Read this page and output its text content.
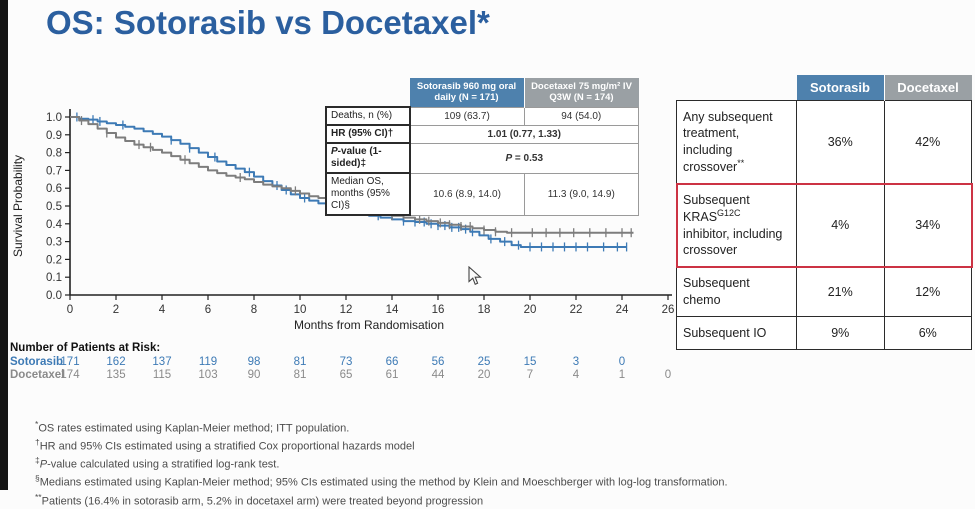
OS: Sotorasib vs Docetaxel*
0	2	4	6	8	10	12	14	16	18	20	22	24	26
0.0
0.1
0.2
0.3
0.4
0.5
0.6
0.7
0.8
0.9
1.0
Months from Randomisation
Survival Probability
	Sotorasib 960 mg oral daily (N = 171)	Docetaxel 75 mg/m² IV Q3W (N = 174)
Deaths, n (%)	109 (63.7)	94 (54.0)
HR (95% CI)†	1.01 (0.77, 1.33)	
P-value (1-sided)‡	P = 0.53	
Median OS, months (95% CI)§	10.6 (8.9, 14.0)	11.3 (9.0, 14.9)
	Sotorasib	Docetaxel
Any subsequent treatment, including crossover**	36%	42%
Subsequent $KRAS^{G12C}$ inhibitor, including crossover	4%	34%
Subsequent chemo	21%	12%
Subsequent IO	9%	6%
Number of Patients at Risk:
Sotorasib
171	162	137	119	98	81	73	66	56	25	15	3	0
Docetaxel
174	135	115	103	90	81	65	61	44	20	7	4	1	0
*OS rates estimated using Kaplan-Meier method; ITT population.
†HR and 95% CIs estimated using a stratified Cox proportional hazards model
‡P-value calculated using a stratified log-rank test.
§Medians estimated using Kaplan-Meier method; 95% CIs estimated using the method by Klein and Moeschberger with log-log transformation.
**Patients (16.4% in sotorasib arm, 5.2% in docetaxel arm) were treated beyond progression
